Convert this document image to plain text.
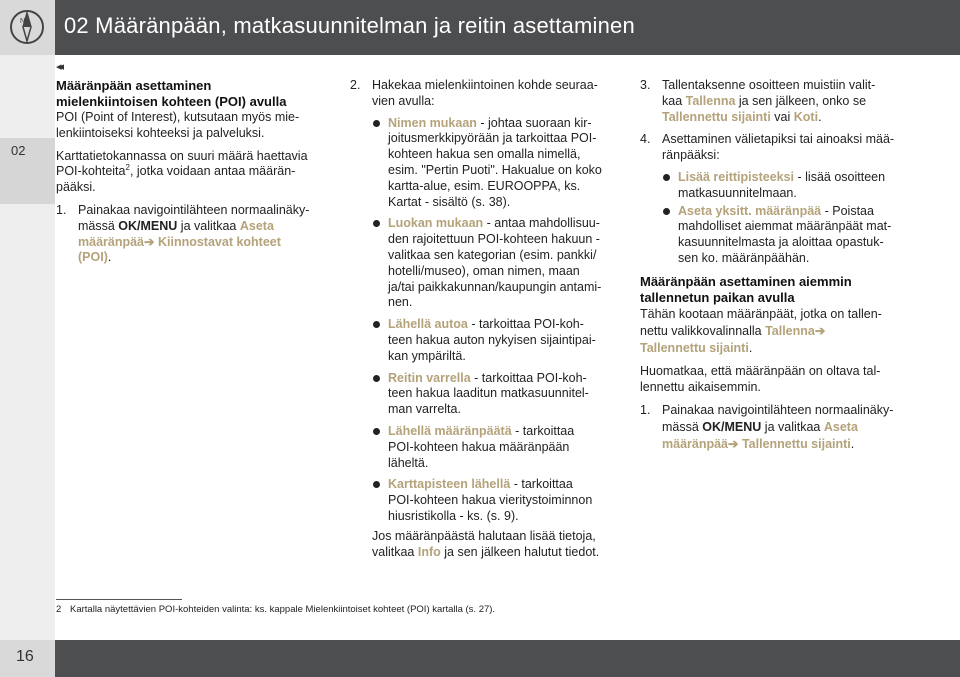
N 02 Määränpään, matkasuunnitelman ja reitin asettaminen
02
◂◂
Määränpään asettaminen
mielenkiintoisen kohteen (POI) avulla

POI (Point of Interest), kutsutaan myös mie-
lenkiintoiseksi kohteeksi ja palveluksi.

Karttatietokannassa on suuri määrä haettavia
POI-kohteita$^2$, jotka voidaan antaa määrän-
pääksi.

1. Painakaa navigointilähteen normaalinäky-
mässä OK/MENU ja valitkaa Aseta
määränpää➔ Kiinnostavat kohteet
(POI).
2. Hakekaa mielenkiintoinen kohde seuraa-
vien avulla:
Nimen mukaan - johtaa suoraan kir-
joitusmerkkipyörään ja tarkoittaa POI-
kohteen hakua sen omalla nimellä,
esim. "Pertin Puoti". Hakualue on koko
kartta-alue, esim. EUROOPPA, ks.
Kartat - sisältö (s. 38).
Luokan mukaan - antaa mahdollisuu-
den rajoitettuun POI-kohteen hakuun -
valitkaa sen kategorian (esim. pankki/
hotelli/museo), oman nimen, maan
ja/tai paikkakunnan/kaupungin antami-
nen.
Lähellä autoa - tarkoittaa POI-koh-
teen hakua auton nykyisen sijaintipai-
kan ympäriltä.
Reitin varrella - tarkoittaa POI-koh-
teen hakua laaditun matkasuunnitel-
man varrelta.
Lähellä määränpäätä - tarkoittaa
POI-kohteen hakua määränpään
läheltä.
Karttapisteen lähellä - tarkoittaa
POI-kohteen hakua vieritystoiminnon
hiusristikolla - ks. (s. 9).

Jos määränpäästä halutaan lisää tietoja,
valitkaa Info ja sen jälkeen halutut tiedot.

3. Tallentaksenne osoitteen muistiin valit-
kaa Tallenna ja sen jälkeen, onko se
Tallennettu sijainti vai Koti.
4. Asettaminen välietapiksi tai ainoaksi mää-
ränpääksi:
Lisää reittipisteeksi - lisää osoitteen
matkasuunnitelmaan.
Aseta yksitt. määränpää - Poistaa
mahdolliset aiemmat määränpäät mat-
kasuunnitelmasta ja aloittaa opastuk-
sen ko. määränpäähän.
Määränpään asettaminen aiemmin
tallennetun paikan avulla

Tähän kootaan määränpäät, jotka on tallen-
nettu valikkovalinnalla Tallenna➔
Tallennettu sijainti.

Huomatkaa, että määränpään on oltava tal-
lennettu aikaisemmin.

1. Painakaa navigointilähteen normaalinäky-
mässä OK/MENU ja valitkaa Aseta
määränpää➔ Tallennettu sijainti.
2 Kartalla näytettävien POI-kohteiden valinta: ks. kappale Mielenkiintoiset kohteet (POI) kartalla (s. 27).
16
